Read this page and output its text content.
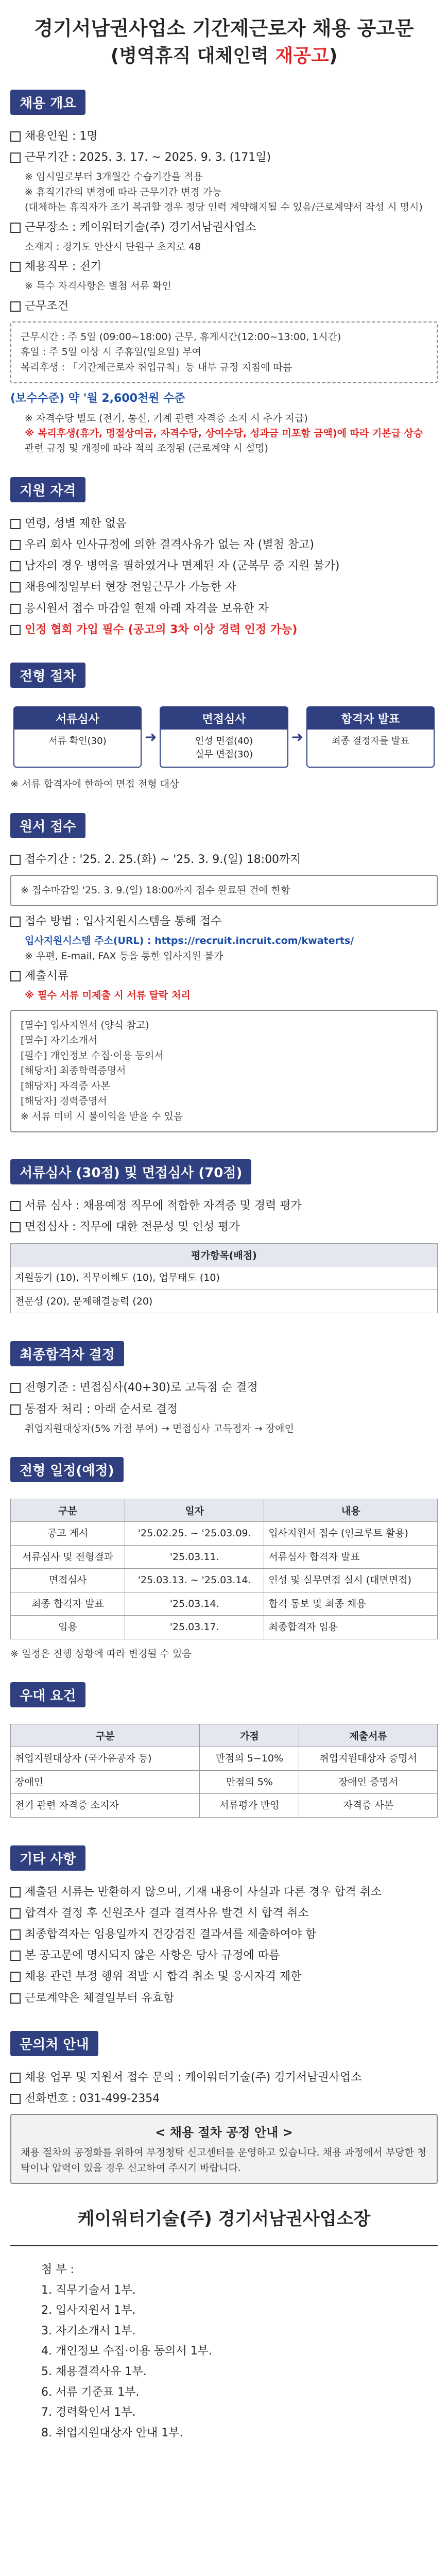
경기서남권사업소 기간제근로자 채용 공고문
(병역휴직 대체인력 재공고)
채용 개요
채용인원 : 1명
근무기간 : 2025. 3. 17. ~ 2025. 9. 3. (171일)
※ 임시일로부터 3개월간 수습기간을 적용
※ 휴직기간의 변경에 따라 근무기간 변경 가능
(대체하는 휴직자가 조기 복귀할 경우 정당 인력 계약해지될 수 있음/근로계약서 작성 시 명시)
근무장소 : 케이워터기술(주) 경기서남권사업소
소재지 : 경기도 안산시 단원구 초지로 48
채용직무 : 전기
※ 특수 자격사항은 별첨 서류 확인
근무조건
근무시간 : 주 5일 (09:00~18:00) 근무, 휴게시간(12:00~13:00, 1시간)
휴일 : 주 5일 이상 시 주휴일(일요일) 부여
복리후생 : 「기간제근로자 취업규칙」등 내부 규정 지침에 따름
(보수수준) 약 '월 2,600천원 수준
※ 자격수당 별도 (전기, 통신, 기계 관련 자격증 소지 시 추가 지급)
※ 복리후생(휴가, 명절상여금, 자격수당, 상여수당, 성과금 미포함 금액)에 따라 기본급 상승
관련 규정 및 개정에 따라 적의 조정됨 (근로계약 시 설명)
지원 자격
연령, 성별 제한 없음
우리 회사 인사규정에 의한 결격사유가 없는 자 (별첨 참고)
남자의 경우 병역을 필하였거나 면제된 자 (군복무 중 지원 불가)
채용예정일부터 현장 전일근무가 가능한 자
응시원서 접수 마감일 현재 아래 자격을 보유한 자
인정 협회 가입 필수 (공고의 3차 이상 경력 인정 가능)
전형 절차
서류심사
서류 확인(30)	➜
면접심사
인성 면접(40)
실무 면접(30)
➜
합격자 발표
최종 결정자를 발표
※ 서류 합격자에 한하여 면접 전형 대상
원서 접수
접수기간 : '25. 2. 25.(화) ~ '25. 3. 9.(일) 18:00까지
※ 접수마감일 '25. 3. 9.(일) 18:00까지 접수 완료된 건에 한함
접수 방법 : 입사지원시스템을 통해 접수
입사지원시스템 주소(URL) : https://recruit.incruit.com/kwaterts/
※ 우편, E-mail, FAX 등을 통한 입사지원 불가
제출서류
※ 필수 서류 미제출 시 서류 탈락 처리
[필수] 입사지원서 (양식 참고)
[필수] 자기소개서
[필수] 개인정보 수집·이용 동의서
[해당자] 최종학력증명서
[해당자] 자격증 사본
[해당자] 경력증명서
※ 서류 미비 시 불이익을 받을 수 있음
서류심사 (30점) 및 면접심사 (70점)
서류 심사 : 채용예정 직무에 적합한 자격증 및 경력 평가
면접심사 : 직무에 대한 전문성 및 인성 평가
평가항목(배점)
지원동기 (10), 직무이해도 (10), 업무태도 (10)
전문성 (20), 문제해결능력 (20)
최종합격자 결정
전형기준 : 면접심사(40+30)로 고득점 순 결정
동점자 처리 : 아래 순서로 결정
취업지원대상자(5% 가점 부여) → 면접심사 고득점자 → 장애인
전형 일정(예정)
구분	일자	내용
공고 게시	'25.02.25. ~ '25.03.09.	입사지원서 접수 (인크루트 활용)
서류심사 및 전형결과	'25.03.11.	서류심사 합격자 발표
면접심사	'25.03.13. ~ '25.03.14.	인성 및 실무면접 실시 (대면면접)
최종 합격자 발표	'25.03.14.	합격 통보 및 최종 채용
임용	'25.03.17.	최종합격자 임용
※ 일정은 진행 상황에 따라 변경될 수 있음
우대 요건
구분	가점	제출서류
취업지원대상자 (국가유공자 등)	만점의 5~10%	취업지원대상자 증명서
장애인	만점의 5%	장애인 증명서
전기 관련 자격증 소지자	서류평가 반영	자격증 사본
기타 사항
제출된 서류는 반환하지 않으며, 기재 내용이 사실과 다른 경우 합격 취소
합격자 결정 후 신원조사 결과 결격사유 발견 시 합격 취소
최종합격자는 임용일까지 건강검진 결과서를 제출하여야 함
본 공고문에 명시되지 않은 사항은 당사 규정에 따름
채용 관련 부정 행위 적발 시 합격 취소 및 응시자격 제한
근로계약은 체결일부터 유효함
문의처 안내
채용 업무 및 지원서 접수 문의 : 케이워터기술(주) 경기서남권사업소
전화번호 : 031-499-2354
< 채용 절차 공정 안내 >
채용 절차의 공정화를 위하여 부정청탁 신고센터를 운영하고 있습니다. 채용 과정에서 부당한 청탁이나 압력이 있을 경우 신고하여 주시기 바랍니다.
케이워터기술(주) 경기서남권사업소장
첨 부 :
1. 직무기술서 1부.
2. 입사지원서 1부.
3. 자기소개서 1부.
4. 개인정보 수집·이용 동의서 1부.
5. 채용결격사유 1부.
6. 서류 기준표 1부.
7. 경력확인서 1부.
8. 취업지원대상자 안내 1부.
